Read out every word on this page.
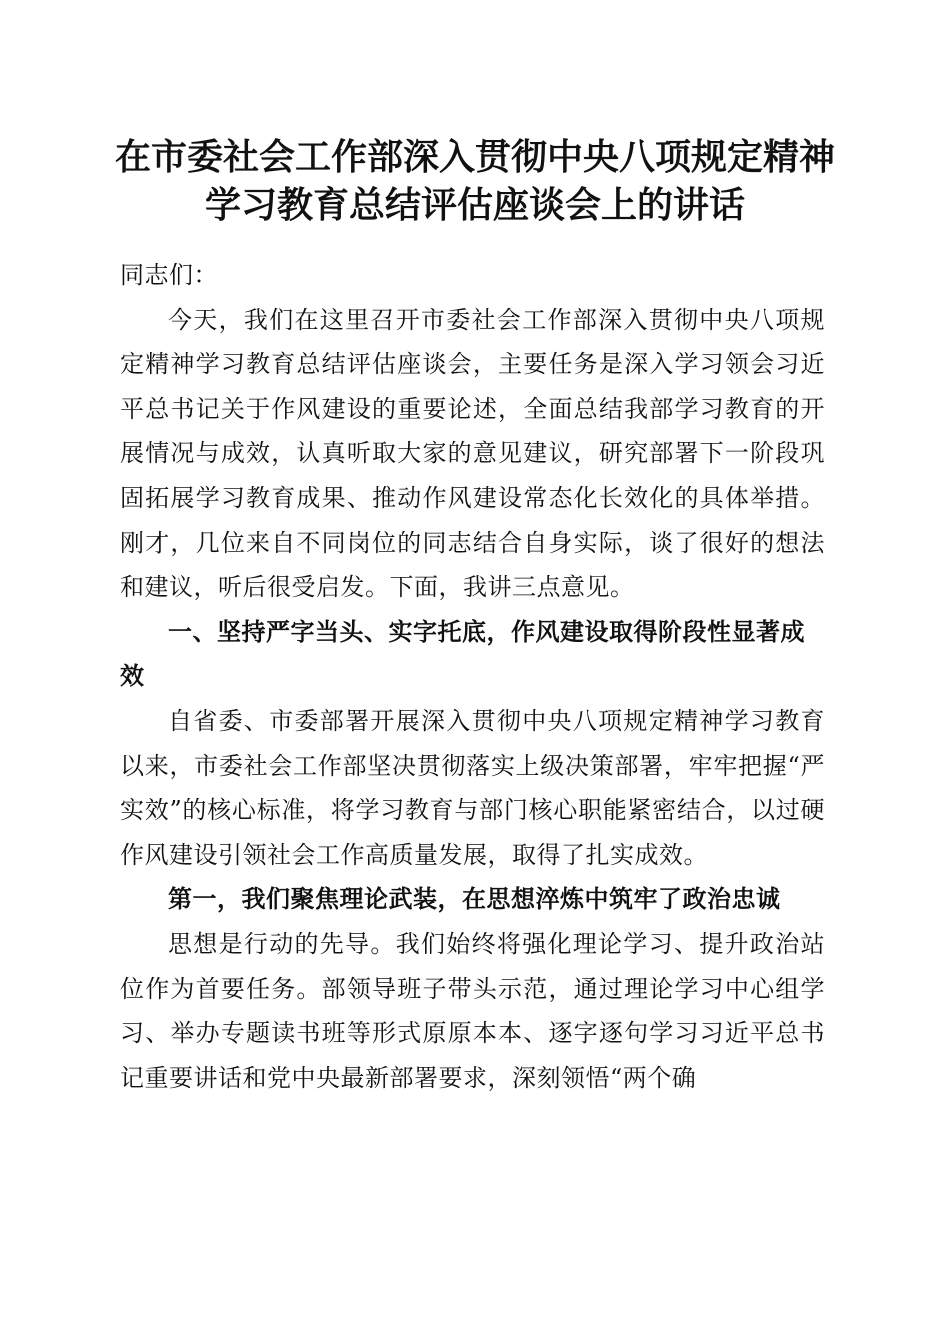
在市委社会工作部深入贯彻中央八项规定精神
学习教育总结评估座谈会上的讲话

同志们：

今天，我们在这里召开市委社会工作部深入贯彻中央八项规定精神学习教育总结评估座谈会，主要任务是深入学习领会习近平总书记关于作风建设的重要论述，全面总结我部学习教育的开展情况与成效，认真听取大家的意见建议，研究部署下一阶段巩固拓展学习教育成果、推动作风建设常态化长效化的具体举措。刚才，几位来自不同岗位的同志结合自身实际，谈了很好的想法和建议，听后很受启发。下面，我讲三点意见。

一、坚持严字当头、实字托底，作风建设取得阶段性显著成效

自省委、市委部署开展深入贯彻中央八项规定精神学习教育以来，市委社会工作部坚决贯彻落实上级决策部署，牢牢把握“严实效”的核心标准，将学习教育与部门核心职能紧密结合，以过硬作风建设引领社会工作高质量发展，取得了扎实成效。

第一，我们聚焦理论武装，在思想淬炼中筑牢了政治忠诚

思想是行动的先导。我们始终将强化理论学习、提升政治站位作为首要任务。部领导班子带头示范，通过理论学习中心组学习、举办专题读书班等形式原原本本、逐字逐句学习习近平总书记重要讲话和党中央最新部署要求，深刻领悟“两个确
